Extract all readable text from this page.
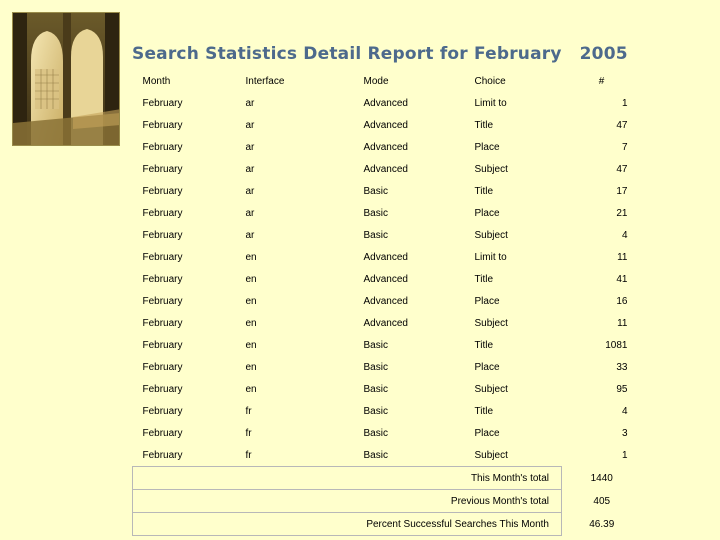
Search Statistics Detail Report for February 2005
Month	Interface	Mode	Choice	#
February	ar	Advanced	Limit to	1
February	ar	Advanced	Title	47
February	ar	Advanced	Place	7
February	ar	Advanced	Subject	47
February	ar	Basic	Title	17
February	ar	Basic	Place	21
February	ar	Basic	Subject	4
February	en	Advanced	Limit to	11
February	en	Advanced	Title	41
February	en	Advanced	Place	16
February	en	Advanced	Subject	11
February	en	Basic	Title	1081
February	en	Basic	Place	33
February	en	Basic	Subject	95
February	fr	Basic	Title	4
February	fr	Basic	Place	3
February	fr	Basic	Subject	1
This Month's total				1440
Previous Month's total				405
Percent Successful Searches This Month				46.39
